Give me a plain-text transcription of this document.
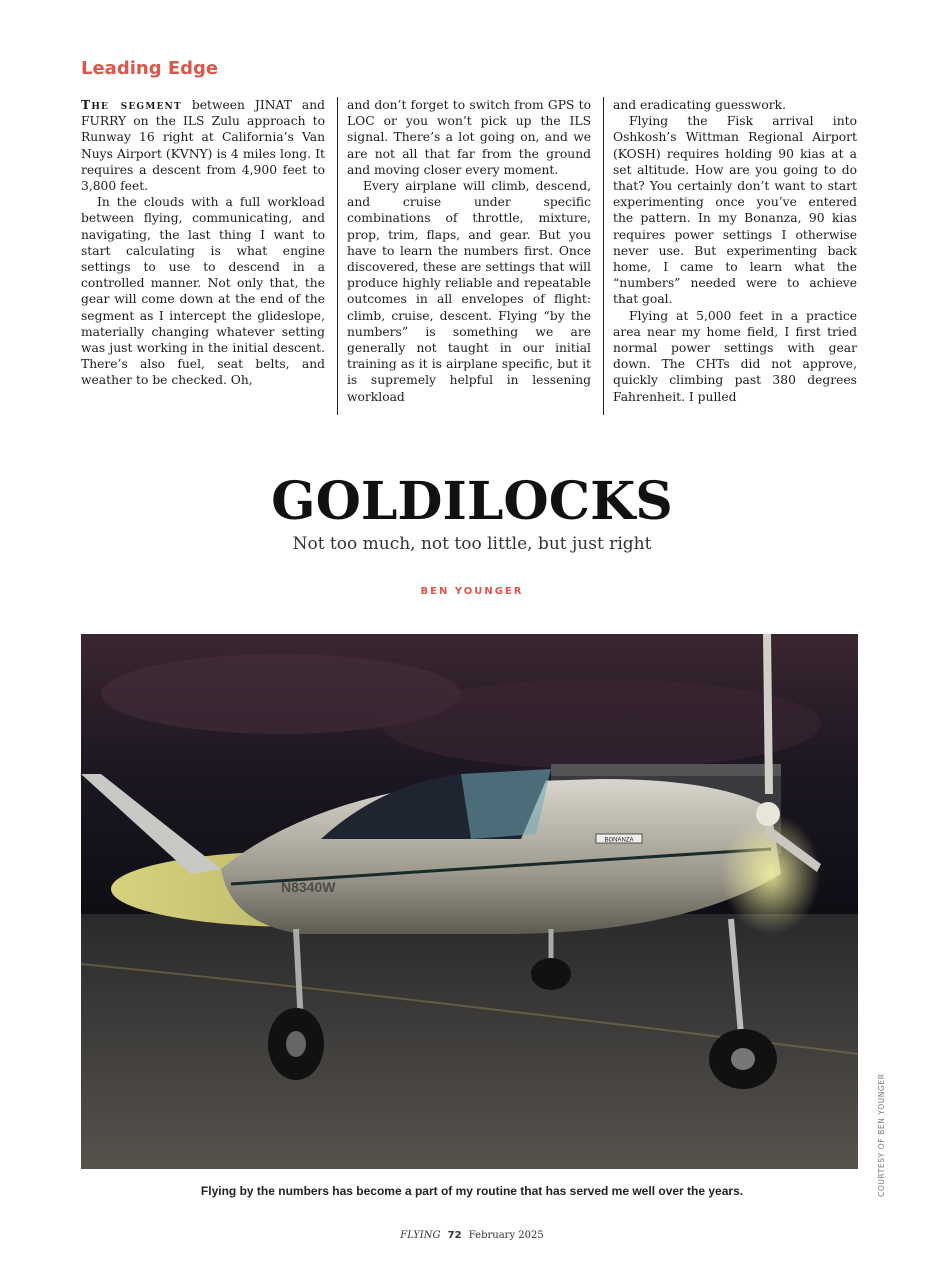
Leading Edge

The segment between JINAT and FURRY on the ILS Zulu approach to Runway 16 right at California’s Van Nuys Airport (KVNY) is 4 miles long. It requires a descent from 4,900 feet to 3,800 feet.

In the clouds with a full workload between flying, communicating, and navigating, the last thing I want to start calculating is what engine settings to use to descend in a controlled manner. Not only that, the gear will come down at the end of the segment as I intercept the glideslope, materially changing whatever setting was just working in the initial descent. There’s also fuel, seat belts, and weather to be checked. Oh,

and don’t forget to switch from GPS to LOC or you won’t pick up the ILS signal. There’s a lot going on, and we are not all that far from the ground and moving closer every moment.

Every airplane will climb, descend, and cruise under specific combinations of throttle, mixture, prop, trim, flaps, and gear. But you have to learn the numbers first. Once discovered, these are settings that will produce highly reliable and repeatable outcomes in all envelopes of flight: climb, cruise, descent. Flying “by the numbers” is something we are generally not taught in our initial training as it is airplane specific, but it is supremely helpful in lessening workload

and eradicating guesswork.

Flying the Fisk arrival into Oshkosh’s Wittman Regional Airport (KOSH) requires holding 90 kias at a set altitude. How are you going to do that? You certainly don’t want to start experimenting once you’ve entered the pattern. In my Bonanza, 90 kias requires power settings I otherwise never use. But experimenting back home, I came to learn what the “numbers” needed were to achieve that goal.

Flying at 5,000 feet in a practice area near my home field, I first tried normal power settings with gear down. The CHTs did not approve, quickly climbing past 380 degrees Fahrenheit. I pulled

GOLDILOCKS

Not too much, not too little, but just right

BEN YOUNGER

BONANZA
N8340W
COURTESY OF BEN YOUNGER

Flying by the numbers has become a part of my routine that has served me well over the years.

FLYING 72 February 2025
